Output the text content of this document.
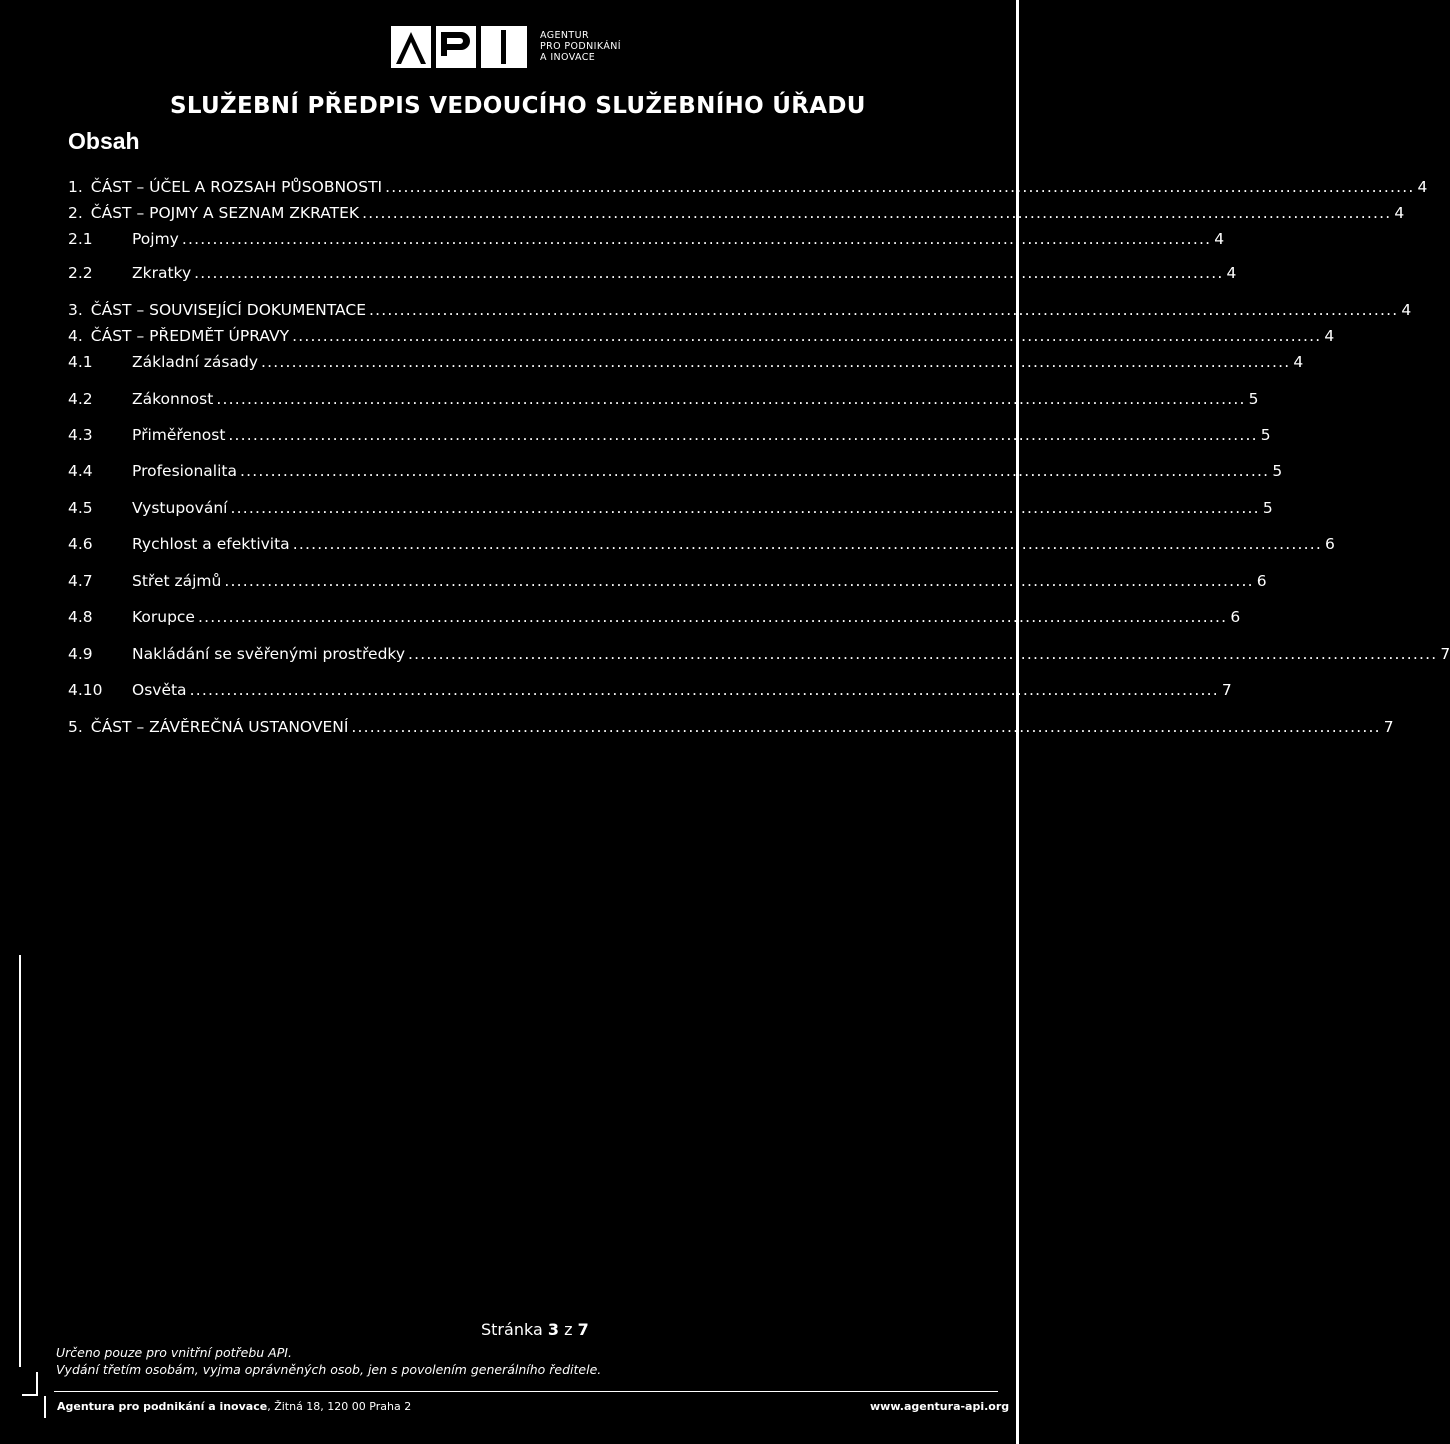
AGENTUR
PRO PODNIKÁNÍ
A INOVACE
SLUŽEBNÍ PŘEDPIS VEDOUCÍHO SLUŽEBNÍHO ÚŘADU
Obsah
1. ČÁST – ÚČEL A ROZSAH PŮSOBNOSTI ........................................................................................................................................................................ 4
2. ČÁST – POJMY A SEZNAM ZKRATEK ........................................................................................................................................................................ 4
2.1	Pojmy ........................................................................................................................................................................ 4
2.2	Zkratky ........................................................................................................................................................................ 4
3. ČÁST – SOUVISEJÍCÍ DOKUMENTACE ........................................................................................................................................................................ 4
4. ČÁST – PŘEDMĚT ÚPRAVY ........................................................................................................................................................................ 4
4.1	Základní zásady ........................................................................................................................................................................ 4
4.2	Zákonnost ........................................................................................................................................................................ 5
4.3	Přiměřenost ........................................................................................................................................................................ 5
4.4	Profesionalita ........................................................................................................................................................................ 5
4.5	Vystupování ........................................................................................................................................................................ 5
4.6	Rychlost a efektivita ........................................................................................................................................................................ 6
4.7	Střet zájmů ........................................................................................................................................................................ 6
4.8	Korupce ........................................................................................................................................................................ 6
4.9	Nakládání se svěřenými prostředky ........................................................................................................................................................................ 7
4.10	Osvěta ........................................................................................................................................................................ 7
5. ČÁST – ZÁVĚREČNÁ USTANOVENÍ ........................................................................................................................................................................ 7
Stránka 3 z 7
Určeno pouze pro vnitřní potřebu API.
Vydání třetím osobám, vyjma oprávněných osob, jen s povolením generálního ředitele.
Agentura pro podnikání a inovace, Žitná 18, 120 00 Praha 2	www.agentura-api.org
